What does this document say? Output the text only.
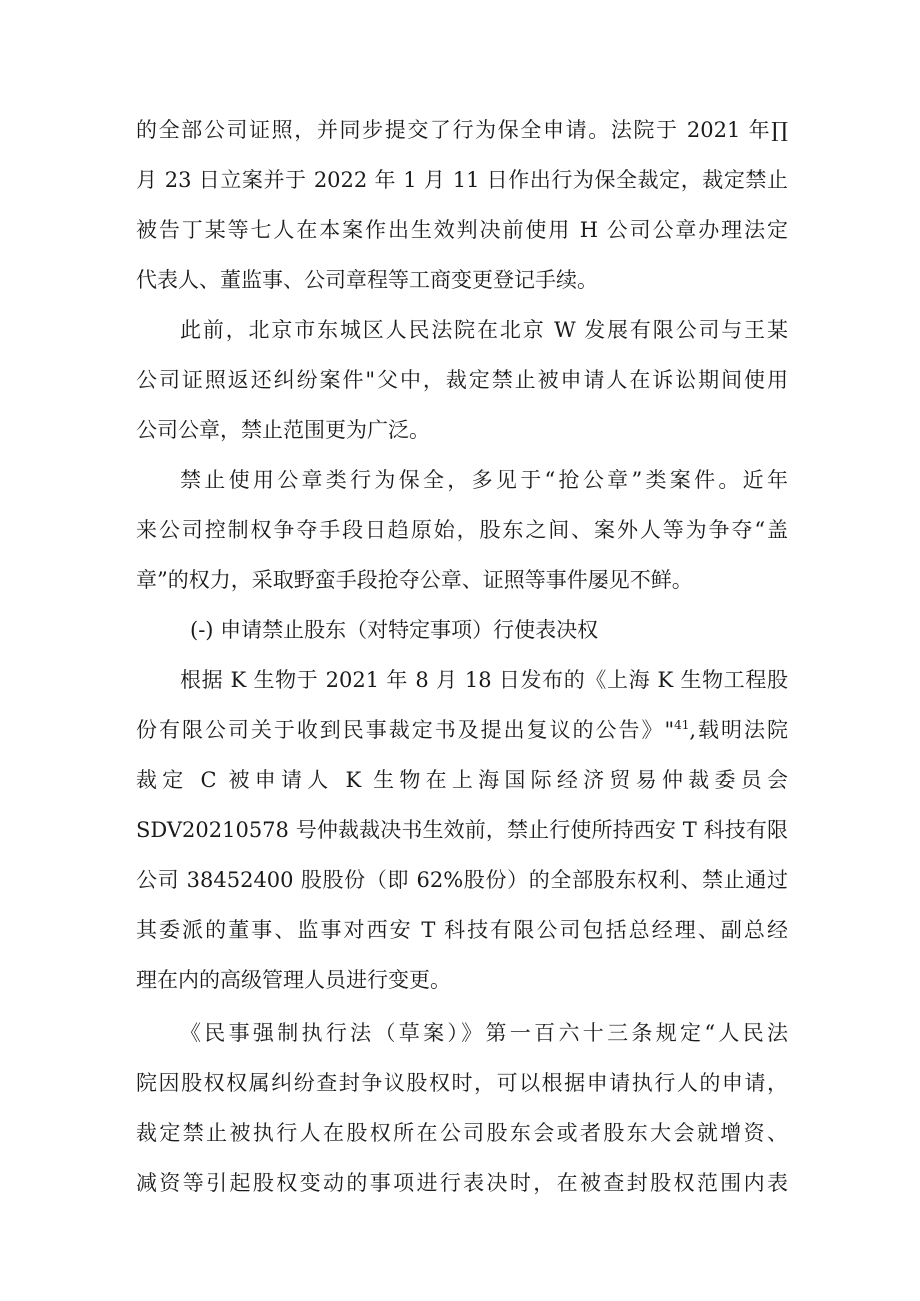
的全部公司证照，并同步提交了行为保全申请。法院于 2021 年∏
月 23 日立案并于 2022 年 1 月 11 日作出行为保全裁定，裁定禁止
被告丁某等七人在本案作出生效判决前使用 H 公司公章办理法定
代表人、董监事、公司章程等工商变更登记手续。
此前，北京市东城区人民法院在北京 W 发展有限公司与王某
公司证照返还纠纷案件"父中，裁定禁止被申请人在诉讼期间使用
公司公章，禁止范围更为广泛。
禁止使用公章类行为保全，多见于“抢公章”类案件。近年
来公司控制权争夺手段日趋原始，股东之间、案外人等为争夺“盖
章”的权力，采取野蛮手段抢夺公章、证照等事件屡见不鲜。
(-) 申请禁止股东（对特定事项）行使表决权
根据 K 生物于 2021 年 8 月 18 日发布的《上海 K 生物工程股
份有限公司关于收到民事裁定书及提出复议的公告》"$^{41}$,载明法院
裁定 C 被申请人 K 生物在上海国际经济贸易仲裁委员会
SDV20210578 号仲裁裁决书生效前，禁止行使所持西安 T 科技有限
公司 38452400 股股份（即 62%股份）的全部股东权利、禁止通过
其委派的董事、监事对西安 T 科技有限公司包括总经理、副总经
理在内的高级管理人员进行变更。
《民事强制执行法（草案）》第一百六十三条规定“人民法
院因股权权属纠纷查封争议股权时，可以根据申请执行人的申请，
裁定禁止被执行人在股权所在公司股东会或者股东大会就增资、
减资等引起股权变动的事项进行表决时，在被查封股权范围内表
